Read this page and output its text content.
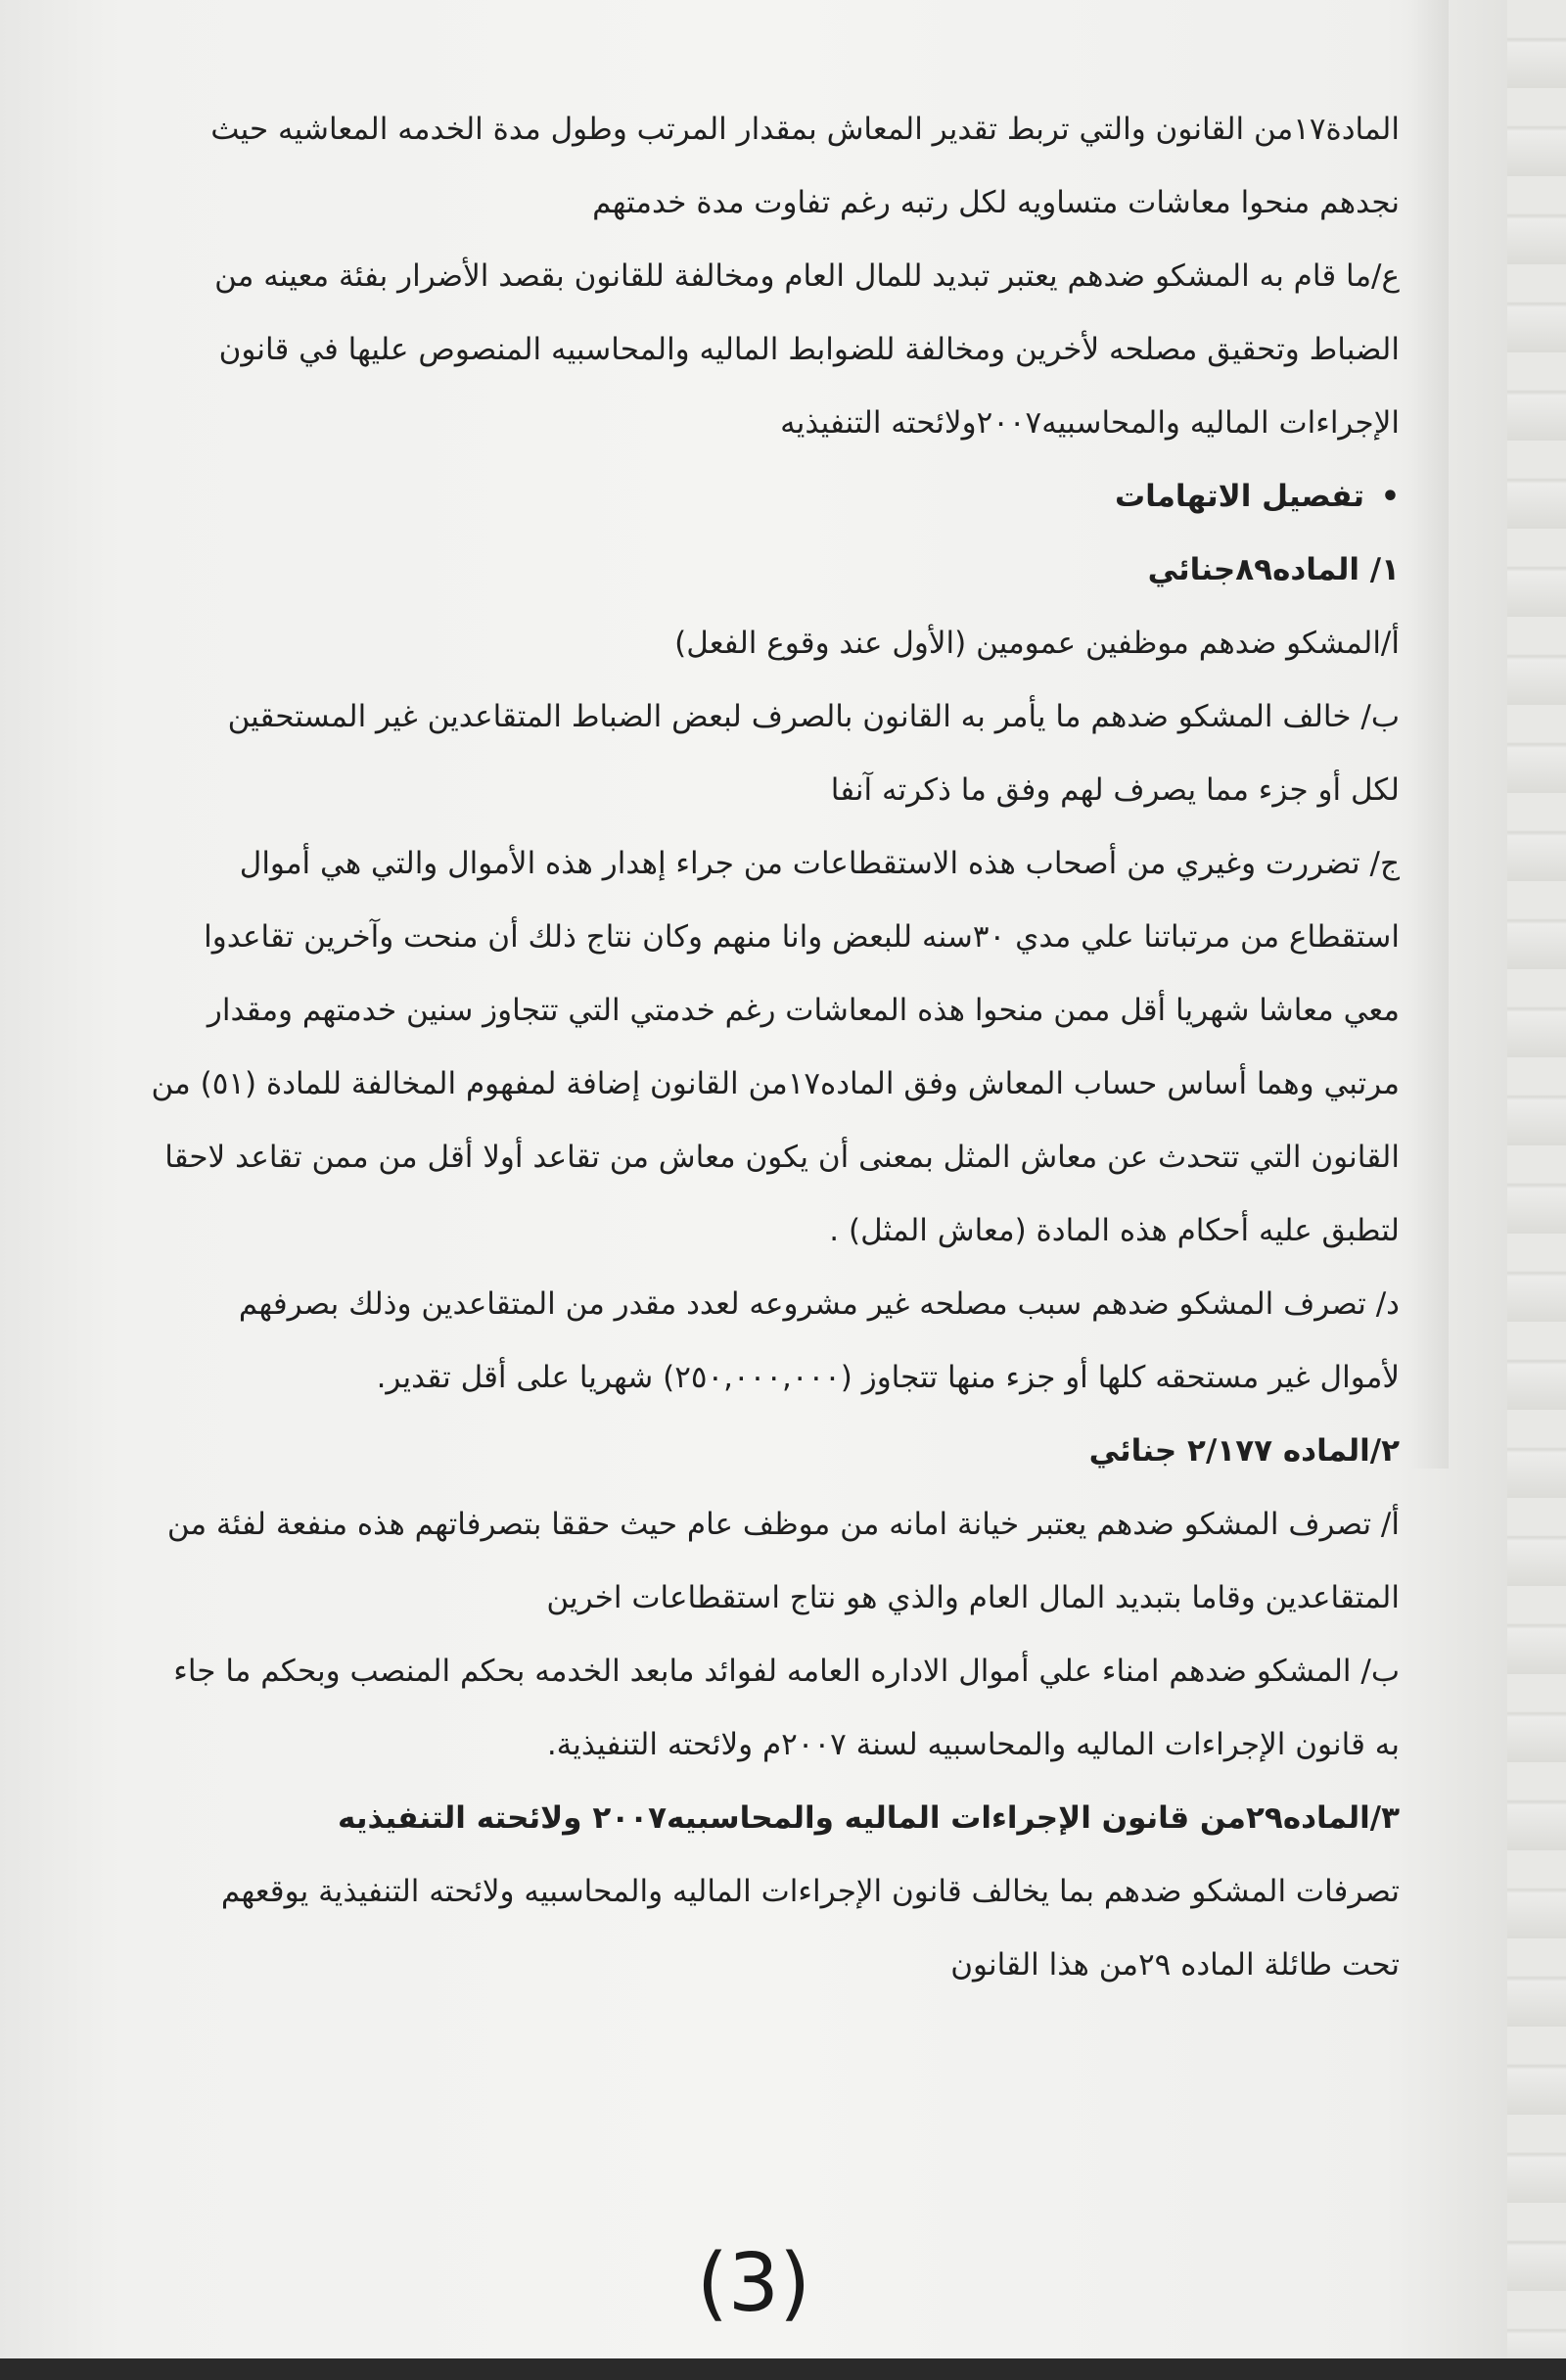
المادة١٧من القانون والتي تربط تقدير المعاش بمقدار المرتب وطول مدة الخدمه المعاشيه حيث

نجدهم منحوا معاشات متساويه لكل رتبه رغم تفاوت مدة خدمتهم

ع/ما قام به المشكو ضدهم يعتبر تبديد للمال العام ومخالفة للقانون بقصد الأضرار بفئة معينه من

الضباط وتحقيق مصلحه لأخرين ومخالفة للضوابط الماليه والمحاسبيه المنصوص عليها في قانون

الإجراءات الماليه والمحاسبيه٢٠٠٧ولائحته التنفيذيه

•
تفصيل الاتهامات

١/ الماده٨٩جنائي

أ/المشكو ضدهم موظفين عمومين (الأول عند وقوع الفعل)

ب/ خالف المشكو ضدهم ما يأمر به القانون بالصرف لبعض الضباط المتقاعدين غير المستحقين

لكل أو جزء مما يصرف لهم وفق ما ذكرته آنفا

ج/ تضررت وغيري من أصحاب هذه الاستقطاعات من جراء إهدار هذه الأموال والتي هي أموال

استقطاع من مرتباتنا علي مدي ٣٠سنه للبعض وانا منهم وكان نتاج ذلك أن منحت وآخرين تقاعدوا

معي معاشا شهريا أقل ممن منحوا هذه المعاشات رغم خدمتي التي تتجاوز سنين خدمتهم ومقدار

مرتبي وهما أساس حساب المعاش وفق الماده١٧من القانون إضافة لمفهوم المخالفة للمادة (٥١) من

القانون التي تتحدث عن معاش المثل بمعنى أن يكون معاش من تقاعد أولا أقل من ممن تقاعد لاحقا

لتطبق عليه أحكام هذه المادة (معاش المثل) .

د/ تصرف المشكو ضدهم سبب مصلحه غير مشروعه لعدد مقدر من المتقاعدين وذلك بصرفهم

لأموال غير مستحقه كلها أو جزء منها تتجاوز (٢٥٠,٠٠٠,٠٠٠) شهريا على أقل تقدير.

٢/الماده ٢/١٧٧ جنائي

أ/ تصرف المشكو ضدهم يعتبر خيانة امانه من موظف عام حيث حققا بتصرفاتهم هذه منفعة لفئة من

المتقاعدين وقاما بتبديد المال العام والذي هو نتاج استقطاعات اخرين

ب/ المشكو ضدهم امناء علي أموال الاداره العامه لفوائد مابعد الخدمه بحكم المنصب وبحكم ما جاء

به قانون الإجراءات الماليه والمحاسبيه لسنة ٢٠٠٧م ولائحته التنفيذية.

٣/الماده٢٩من قانون الإجراءات الماليه والمحاسبيه٢٠٠٧ ولائحته التنفيذيه

تصرفات المشكو ضدهم بما يخالف قانون الإجراءات الماليه والمحاسبيه ولائحته التنفيذية يوقعهم

تحت طائلة الماده ٢٩من هذا القانون

(3)
